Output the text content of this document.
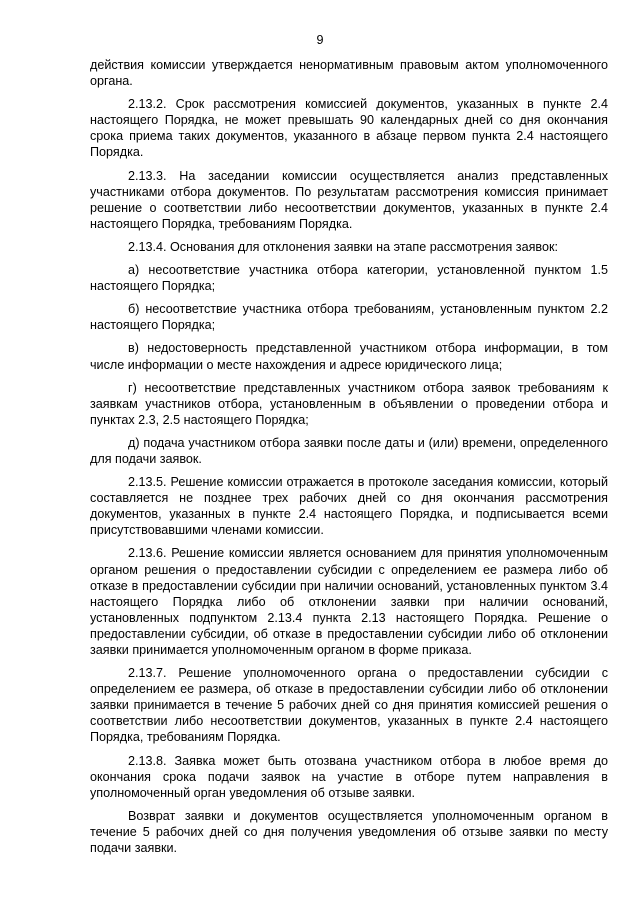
9

действия комиссии утверждается ненормативным правовым актом уполномоченного органа.

2.13.2. Срок рассмотрения комиссией документов, указанных в пункте 2.4 настоящего Порядка, не может превышать 90 календарных дней со дня окончания срока приема таких документов, указанного в абзаце первом пункта 2.4 настоящего Порядка.

2.13.3. На заседании комиссии осуществляется анализ представленных участниками отбора документов. По результатам рассмотрения комиссия принимает решение о соответствии либо несоответствии документов, указанных в пункте 2.4 настоящего Порядка, требованиям Порядка.

2.13.4. Основания для отклонения заявки на этапе рассмотрения заявок:

а) несоответствие участника отбора категории, установленной пунктом 1.5 настоящего Порядка;

б) несоответствие участника отбора требованиям, установленным пунктом 2.2 настоящего Порядка;

в) недостоверность представленной участником отбора информации, в том числе информации о месте нахождения и адресе юридического лица;

г) несоответствие представленных участником отбора заявок требованиям к заявкам участников отбора, установленным в объявлении о проведении отбора и пунктах 2.3, 2.5 настоящего Порядка;

д) подача участником отбора заявки после даты и (или) времени, определенного для подачи заявок.

2.13.5. Решение комиссии отражается в протоколе заседания комиссии, который составляется не позднее трех рабочих дней со дня окончания рассмотрения документов, указанных в пункте 2.4 настоящего Порядка, и подписывается всеми присутствовавшими членами комиссии.

2.13.6. Решение комиссии является основанием для принятия уполномоченным органом решения о предоставлении субсидии с определением ее размера либо об отказе в предоставлении субсидии при наличии оснований, установленных пунктом 3.4 настоящего Порядка либо об отклонении заявки при наличии оснований, установленных подпунктом 2.13.4 пункта 2.13 настоящего Порядка. Решение о предоставлении субсидии, об отказе в предоставлении субсидии либо об отклонении заявки принимается уполномоченным органом в форме приказа.

2.13.7. Решение уполномоченного органа о предоставлении субсидии с определением ее размера, об отказе в предоставлении субсидии либо об отклонении заявки принимается в течение 5 рабочих дней со дня принятия комиссией решения о соответствии либо несоответствии документов, указанных в пункте 2.4 настоящего Порядка, требованиям Порядка.

2.13.8. Заявка может быть отозвана участником отбора в любое время до окончания срока подачи заявок на участие в отборе путем направления в уполномоченный орган уведомления об отзыве заявки.

Возврат заявки и документов осуществляется уполномоченным органом в течение 5 рабочих дней со дня получения уведомления об отзыве заявки по месту подачи заявки.
